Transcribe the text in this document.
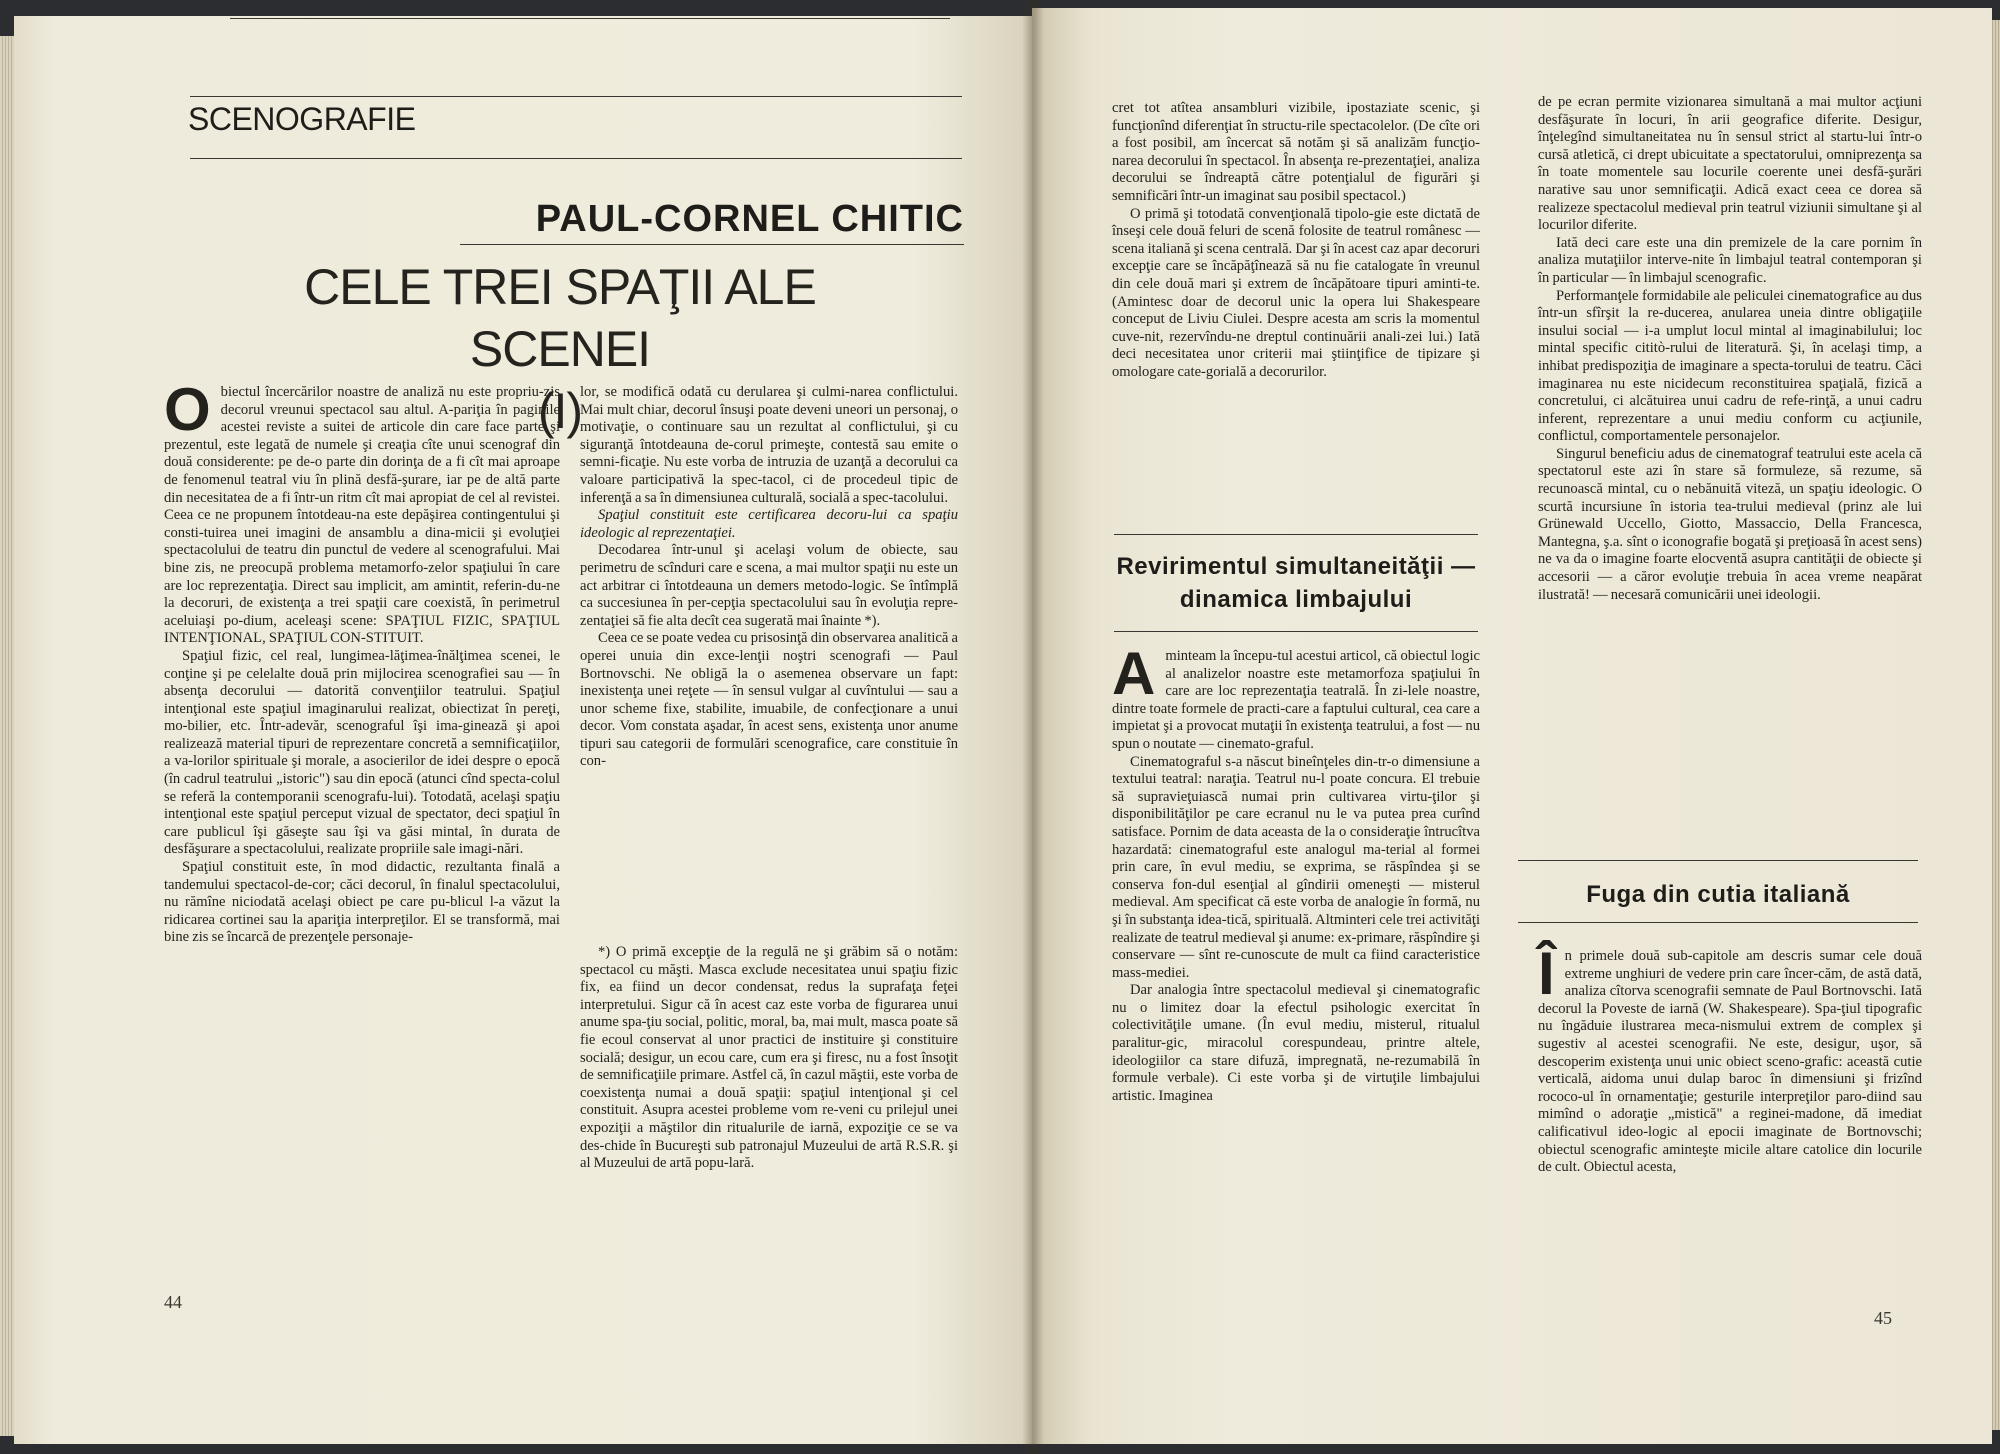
SCENOGRAFIE
PAUL-CORNEL CHITIC
CELE TREI SPAŢII ALE SCENEI
(I)

Obiectul încercărilor noastre de analiză nu este propriu-zis decorul vreunui spectacol sau altul. A-pariţia în paginile acestei reviste a suitei de articole din care face parte şi prezentul, este legată de numele şi creaţia cîte unui scenograf din două considerente: pe de-o parte din dorinţa de a fi cît mai aproape de fenomenul teatral viu în plină desfă-şurare, iar pe de altă parte din necesitatea de a fi într-un ritm cît mai apropiat de cel al revistei. Ceea ce ne propunem întotdeau-na este depăşirea contingentului şi consti-tuirea unei imagini de ansamblu a dina-micii şi evoluţiei spectacolului de teatru din punctul de vedere al scenografului. Mai bine zis, ne preocupă problema metamorfo-zelor spaţiului în care are loc reprezentaţia. Direct sau implicit, am amintit, referin-du-ne la decoruri, de existenţa a trei spaţii care coexistă, în perimetrul aceluiaşi po-dium, aceleaşi scene: SPAŢIUL FIZIC, SPAŢIUL INTENŢIONAL, SPAŢIUL CON-STITUIT.

Spaţiul fizic, cel real, lungimea-lăţimea-înălţimea scenei, le conţine şi pe celelalte două prin mijlocirea scenografiei sau — în absenţa decorului — datorită convenţiilor teatrului. Spaţiul intenţional este spaţiul imaginarului realizat, obiectizat în pereţi, mo-bilier, etc. Într-adevăr, scenograful îşi ima-ginează şi apoi realizează material tipuri de reprezentare concretă a semnificaţiilor, a va-lorilor spirituale şi morale, a asocierilor de idei despre o epocă (în cadrul teatrului „istoric") sau din epocă (atunci cînd specta-colul se referă la contemporanii scenografu-lui). Totodată, acelaşi spaţiu intenţional este spaţiul perceput vizual de spectator, deci spaţiul în care publicul îşi găseşte sau îşi va găsi mintal, în durata de desfăşurare a spectacolului, realizate propriile sale imagi-nări.

Spaţiul constituit este, în mod didactic, rezultanta finală a tandemului spectacol-de-cor; căci decorul, în finalul spectacolului, nu rămîne niciodată acelaşi obiect pe care pu-blicul l-a văzut la ridicarea cortinei sau la apariţia interpreţilor. El se transformă, mai bine zis se încarcă de prezenţele personaje-

lor, se modifică odată cu derularea şi culmi-narea conflictului. Mai mult chiar, decorul însuşi poate deveni uneori un personaj, o motivaţie, o continuare sau un rezultat al conflictului, şi cu siguranţă întotdeauna de-corul primeşte, contestă sau emite o semni-ficaţie. Nu este vorba de intruzia de uzanţă a decorului ca valoare participativă la spec-tacol, ci de procedeul tipic de inferenţă a sa în dimensiunea culturală, socială a spec-tacolului.

Spaţiul constituit este certificarea decoru-lui ca spaţiu ideologic al reprezentaţiei.

Decodarea într-unul şi acelaşi volum de obiecte, sau perimetru de scînduri care e scena, a mai multor spaţii nu este un act arbitrar ci întotdeauna un demers metodo-logic. Se întîmplă ca succesiunea în per-cepţia spectacolului sau în evoluţia repre-zentaţiei să fie alta decît cea sugerată mai înainte *).

Ceea ce se poate vedea cu prisosinţă din observarea analitică a operei unuia din exce-lenţii noştri scenografi — Paul Bortnovschi. Ne obligă la o asemenea observare un fapt: inexistenţa unei reţete — în sensul vulgar al cuvîntului — sau a unor scheme fixe, stabilite, imuabile, de confecţionare a unui decor. Vom constata aşadar, în acest sens, existenţa unor anume tipuri sau categorii de formulări scenografice, care constituie în con-

*) O primă excepţie de la regulă ne şi grăbim să o notăm: spectacol cu măşti. Masca exclude necesitatea unui spaţiu fizic fix, ea fiind un decor condensat, redus la suprafaţa feţei interpretului. Sigur că în acest caz este vorba de figurarea unui anume spa-ţiu social, politic, moral, ba, mai mult, masca poate să fie ecoul conservat al unor practici de instituire şi constituire socială; desigur, un ecou care, cum era şi firesc, nu a fost însoţit de semnificaţiile primare. Astfel că, în cazul măştii, este vorba de coexistenţa numai a două spaţii: spaţiul intenţional şi cel constituit. Asupra acestei probleme vom re-veni cu prilejul unei expoziţii a măştilor din ritualurile de iarnă, expoziţie ce se va des-chide în Bucureşti sub patronajul Muzeului de artă R.S.R. şi al Muzeului de artă popu-lară.

44

cret tot atîtea ansambluri vizibile, ipostaziate scenic, şi funcţionînd diferenţiat în structu-rile spectacolelor. (De cîte ori a fost posibil, am încercat să notăm şi să analizăm funcţio-narea decorului în spectacol. În absenţa re-prezentaţiei, analiza decorului se îndreaptă către potenţialul de figurări şi semnificări într-un imaginat sau posibil spectacol.)

O primă şi totodată convenţională tipolo-gie este dictată de înseşi cele două feluri de scenă folosite de teatrul românesc — scena italiană şi scena centrală. Dar şi în acest caz apar decoruri excepţie care se încăpăţînează să nu fie catalogate în vreunul din cele două mari şi extrem de încăpătoare tipuri aminti-te. (Amintesc doar de decorul unic la opera lui Shakespeare conceput de Liviu Ciulei. Despre acesta am scris la momentul cuve-nit, rezervîndu-ne dreptul continuării anali-zei lui.) Iată deci necesitatea unor criterii mai ştiinţifice de tipizare şi omologare cate-gorială a decorurilor.

Revirimentul simultaneităţii —
dinamica limbajului

Aminteam la începu-tul acestui articol, că obiectul logic al analizelor noastre este metamorfoza spaţiului în care are loc reprezentaţia teatrală. În zi-lele noastre, dintre toate formele de practi-care a faptului cultural, cea care a impietat şi a provocat mutaţii în existenţa teatrului, a fost — nu spun o noutate — cinemato-graful.

Cinematograful s-a născut bineînţeles din-tr-o dimensiune a textului teatral: naraţia. Teatrul nu-l poate concura. El trebuie să supravieţuiască numai prin cultivarea virtu-ţilor şi disponibilităţilor pe care ecranul nu le va putea prea curînd satisface. Pornim de data aceasta de la o consideraţie întrucîtva hazardată: cinematograful este analogul ma-terial al formei prin care, în evul mediu, se exprima, se răspîndea şi se conserva fon-dul esenţial al gîndirii omeneşti — misterul medieval. Am specificat că este vorba de analogie în formă, nu şi în substanţa idea-tică, spirituală. Altminteri cele trei activităţi realizate de teatrul medieval şi anume: ex-primare, răspîndire şi conservare — sînt re-cunoscute de mult ca fiind caracteristice mass-mediei.

Dar analogia între spectacolul medieval şi cinematografic nu o limitez doar la efectul psihologic exercitat în colectivităţile umane. (În evul mediu, misterul, ritualul paralitur-gic, miracolul corespundeau, printre altele, ideologiilor ca stare difuză, impregnată, ne-rezumabilă în formule verbale). Ci este vorba şi de virtuţile limbajului artistic. Imaginea

de pe ecran permite vizionarea simultană a mai multor acţiuni desfăşurate în locuri, în arii geografice diferite. Desigur, înţelegînd simultaneitatea nu în sensul strict al startu-lui într-o cursă atletică, ci drept ubicuitate a spectatorului, omniprezenţa sa în toate momentele sau locurile coerente unei desfă-şurări narative sau unor semnificaţii. Adică exact ceea ce dorea să realizeze spectacolul medieval prin teatrul viziunii simultane şi al locurilor diferite.

Iată deci care este una din premizele de la care pornim în analiza mutaţiilor interve-nite în limbajul teatral contemporan şi în particular — în limbajul scenografic.

Performanţele formidabile ale peliculei cinematografice au dus într-un sfîrşit la re-ducerea, anularea uneia dintre obligaţiile insului social — i-a umplut locul mintal al imaginabilului; loc mintal specific cititò-rului de literatură. Şi, în acelaşi timp, a inhibat predispoziţia de imaginare a specta-torului de teatru. Căci imaginarea nu este nicidecum reconstituirea spaţială, fizică a concretului, ci alcătuirea unui cadru de refe-rinţă, a unui cadru inferent, reprezentare a unui mediu conform cu acţiunile, conflictul, comportamentele personajelor.

Singurul beneficiu adus de cinematograf teatrului este acela că spectatorul este azi în stare să formuleze, să rezume, să recunoască mintal, cu o nebănuită viteză, un spaţiu ideologic. O scurtă incursiune în istoria tea-trului medieval (prinz ale lui Grünewald Uccello, Giotto, Massaccio, Della Francesca, Mantegna, ş.a. sînt o iconografie bogată şi preţioasă în acest sens) ne va da o imagine foarte elocventă asupra cantităţii de obiecte şi accesorii — a căror evoluţie trebuia în acea vreme neapărat ilustrată! — necesară comunicării unei ideologii.

Fuga din cutia italiană

În primele două sub-capitole am descris sumar cele două extreme unghiuri de vedere prin care încer-căm, de astă dată, analiza cîtorva scenografii semnate de Paul Bortnovschi. Iată decorul la Poveste de iarnă (W. Shakespeare). Spa-ţiul tipografic nu îngăduie ilustrarea meca-nismului extrem de complex şi sugestiv al acestei scenografii. Ne este, desigur, uşor, să descoperim existenţa unui unic obiect sceno-grafic: această cutie verticală, aidoma unui dulap baroc în dimensiuni şi frizînd rococo-ul în ornamentaţie; gesturile interpreţilor paro-diind sau mimînd o adoraţie „mistică" a reginei-madone, dă imediat calificativul ideo-logic al epocii imaginate de Bortnovschi; obiectul scenografic aminteşte micile altare catolice din locurile de cult. Obiectul acesta,

45
